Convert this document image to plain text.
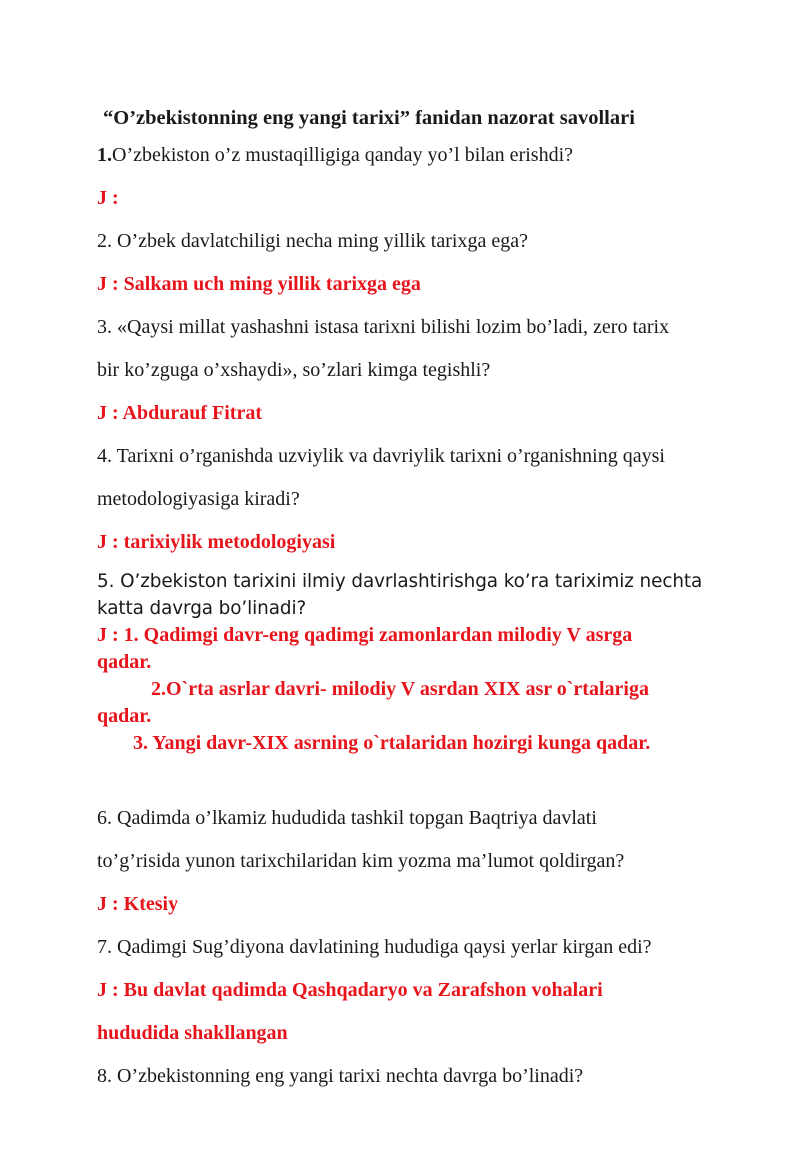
“O’zbekistonning eng yangi tarixi” fanidan nazorat savollari

1.O’zbekiston o’z mustaqilligiga qanday yo’l bilan erishdi?

J :

2. O’zbek davlatchiligi necha ming yillik tarixga ega?

J : Salkam uch ming yillik tarixga ega

3. «Qaysi millat yashashni istasa tarixni bilishi lozim bo’ladi, zero tarix
bir ko’zguga o’xshaydi», so’zlari kimga tegishli?

J : Abdurauf Fitrat

4. Tarixni o’rganishda uzviylik va davriylik tarixni o’rganishning qaysi
metodologiyasiga kiradi?

J : tarixiylik metodologiyasi

5. O’zbekiston tarixini ilmiy davrlashtirishga ko’ra tariximiz nechta
katta davrga bo’linadi?

J : 1. Qadimgi davr-eng qadimgi zamonlardan milodiy V asrga
qadar.
2.O`rta asrlar davri- milodiy V asrdan XIX asr o`rtalariga
qadar.
3. Yangi davr-XIX asrning o`rtalaridan hozirgi kunga qadar.

6. Qadimda o’lkamiz hududida tashkil topgan Baqtriya davlati
to’g’risida yunon tarixchilaridan kim yozma ma’lumot qoldirgan?

J : Ktesiy

7. Qadimgi Sug’diyona davlatining hududiga qaysi yerlar kirgan edi?

J : Bu davlat qadimda Qashqadaryo va Zarafshon vohalari
hududida shakllangan

8. O’zbekistonning eng yangi tarixi nechta davrga bo’linadi?
